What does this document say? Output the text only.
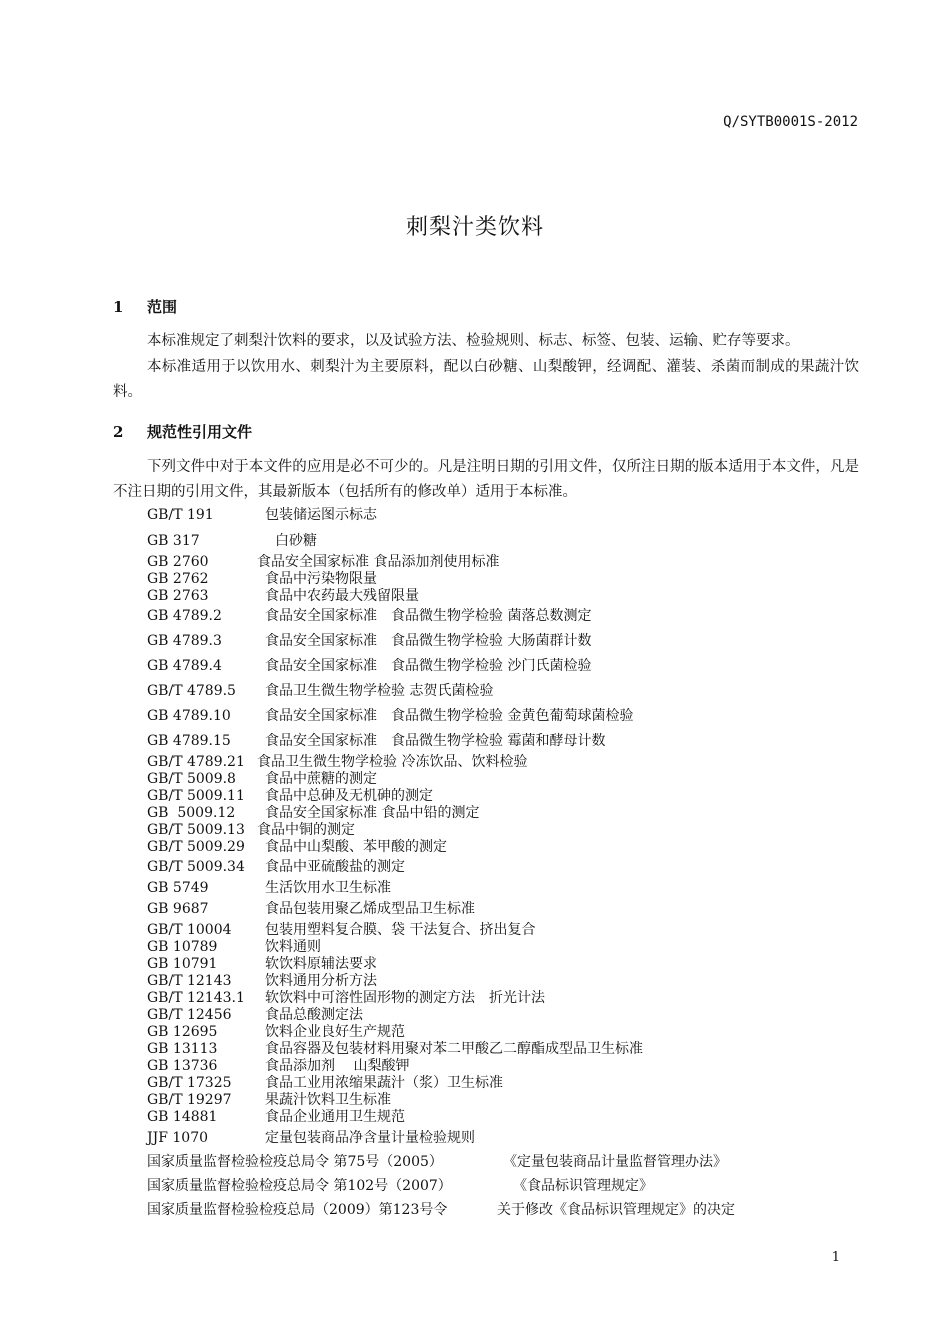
Q/SYTB0001S-2012
刺梨汁类饮料
1 范围
本标准规定了刺梨汁饮料的要求，以及试验方法、检验规则、标志、标签、包装、运输、贮存等要求。
本标准适用于以饮用水、刺梨汁为主要原料，配以白砂糖、山梨酸钾，经调配、灌装、杀菌而制成的果蔬汁饮料。
2 规范性引用文件
下列文件中对于本文件的应用是必不可少的。凡是注明日期的引用文件，仅所注日期的版本适用于本文件，凡是不注日期的引用文件，其最新版本（包括所有的修改单）适用于本标准。
GB/T 191	包装储运图示标志
GB 317	白砂糖
GB 2760	食品安全国家标准 食品添加剂使用标准
GB 2762	食品中污染物限量
GB 2763	食品中农药最大残留限量
GB 4789.2	食品安全国家标准　食品微生物学检验 菌落总数测定
GB 4789.3	食品安全国家标准　食品微生物学检验 大肠菌群计数
GB 4789.4	食品安全国家标准　食品微生物学检验 沙门氏菌检验
GB/T 4789.5 食品卫生微生物学检验 志贺氏菌检验
GB 4789.10 食品安全国家标准　食品微生物学检验 金黄色葡萄球菌检验
GB 4789.15 食品安全国家标准　食品微生物学检验 霉菌和酵母计数
GB/T 4789.21 食品卫生微生物学检验 冷冻饮品、饮料检验
GB/T 5009.8 食品中蔗糖的测定
GB/T 5009.11 食品中总砷及无机砷的测定
GB  5009.12 食品安全国家标准 食品中铅的测定
GB/T 5009.13 食品中铜的测定
GB/T 5009.29 食品中山梨酸、苯甲酸的测定
GB/T 5009.34 食品中亚硫酸盐的测定
GB 5749	生活饮用水卫生标准
GB 9687	食品包装用聚乙烯成型品卫生标准
GB/T 10004 包装用塑料复合膜、袋 干法复合、挤出复合
GB 10789	饮料通则
GB 10791	软饮料原辅法要求
GB/T 12143 饮料通用分析方法
GB/T 12143.1 软饮料中可溶性固形物的测定方法　折光计法
GB/T 12456 食品总酸测定法
GB 12695	饮料企业良好生产规范
GB 13113	食品容器及包装材料用聚对苯二甲酸乙二醇酯成型品卫生标准
GB 13736	食品添加剂　 山梨酸钾
GB/T 17325 食品工业用浓缩果蔬汁（浆）卫生标准
GB/T 19297 果蔬汁饮料卫生标准
GB 14881	食品企业通用卫生规范
JJF 1070	定量包装商品净含量计量检验规则
国家质量监督检验检疫总局令 第75号（2005）	《定量包装商品计量监督管理办法》
国家质量监督检验检疫总局令 第102号（2007）	《食品标识管理规定》
国家质量监督检验检疫总局（2009）第123号令	关于修改《食品标识管理规定》的决定
1
